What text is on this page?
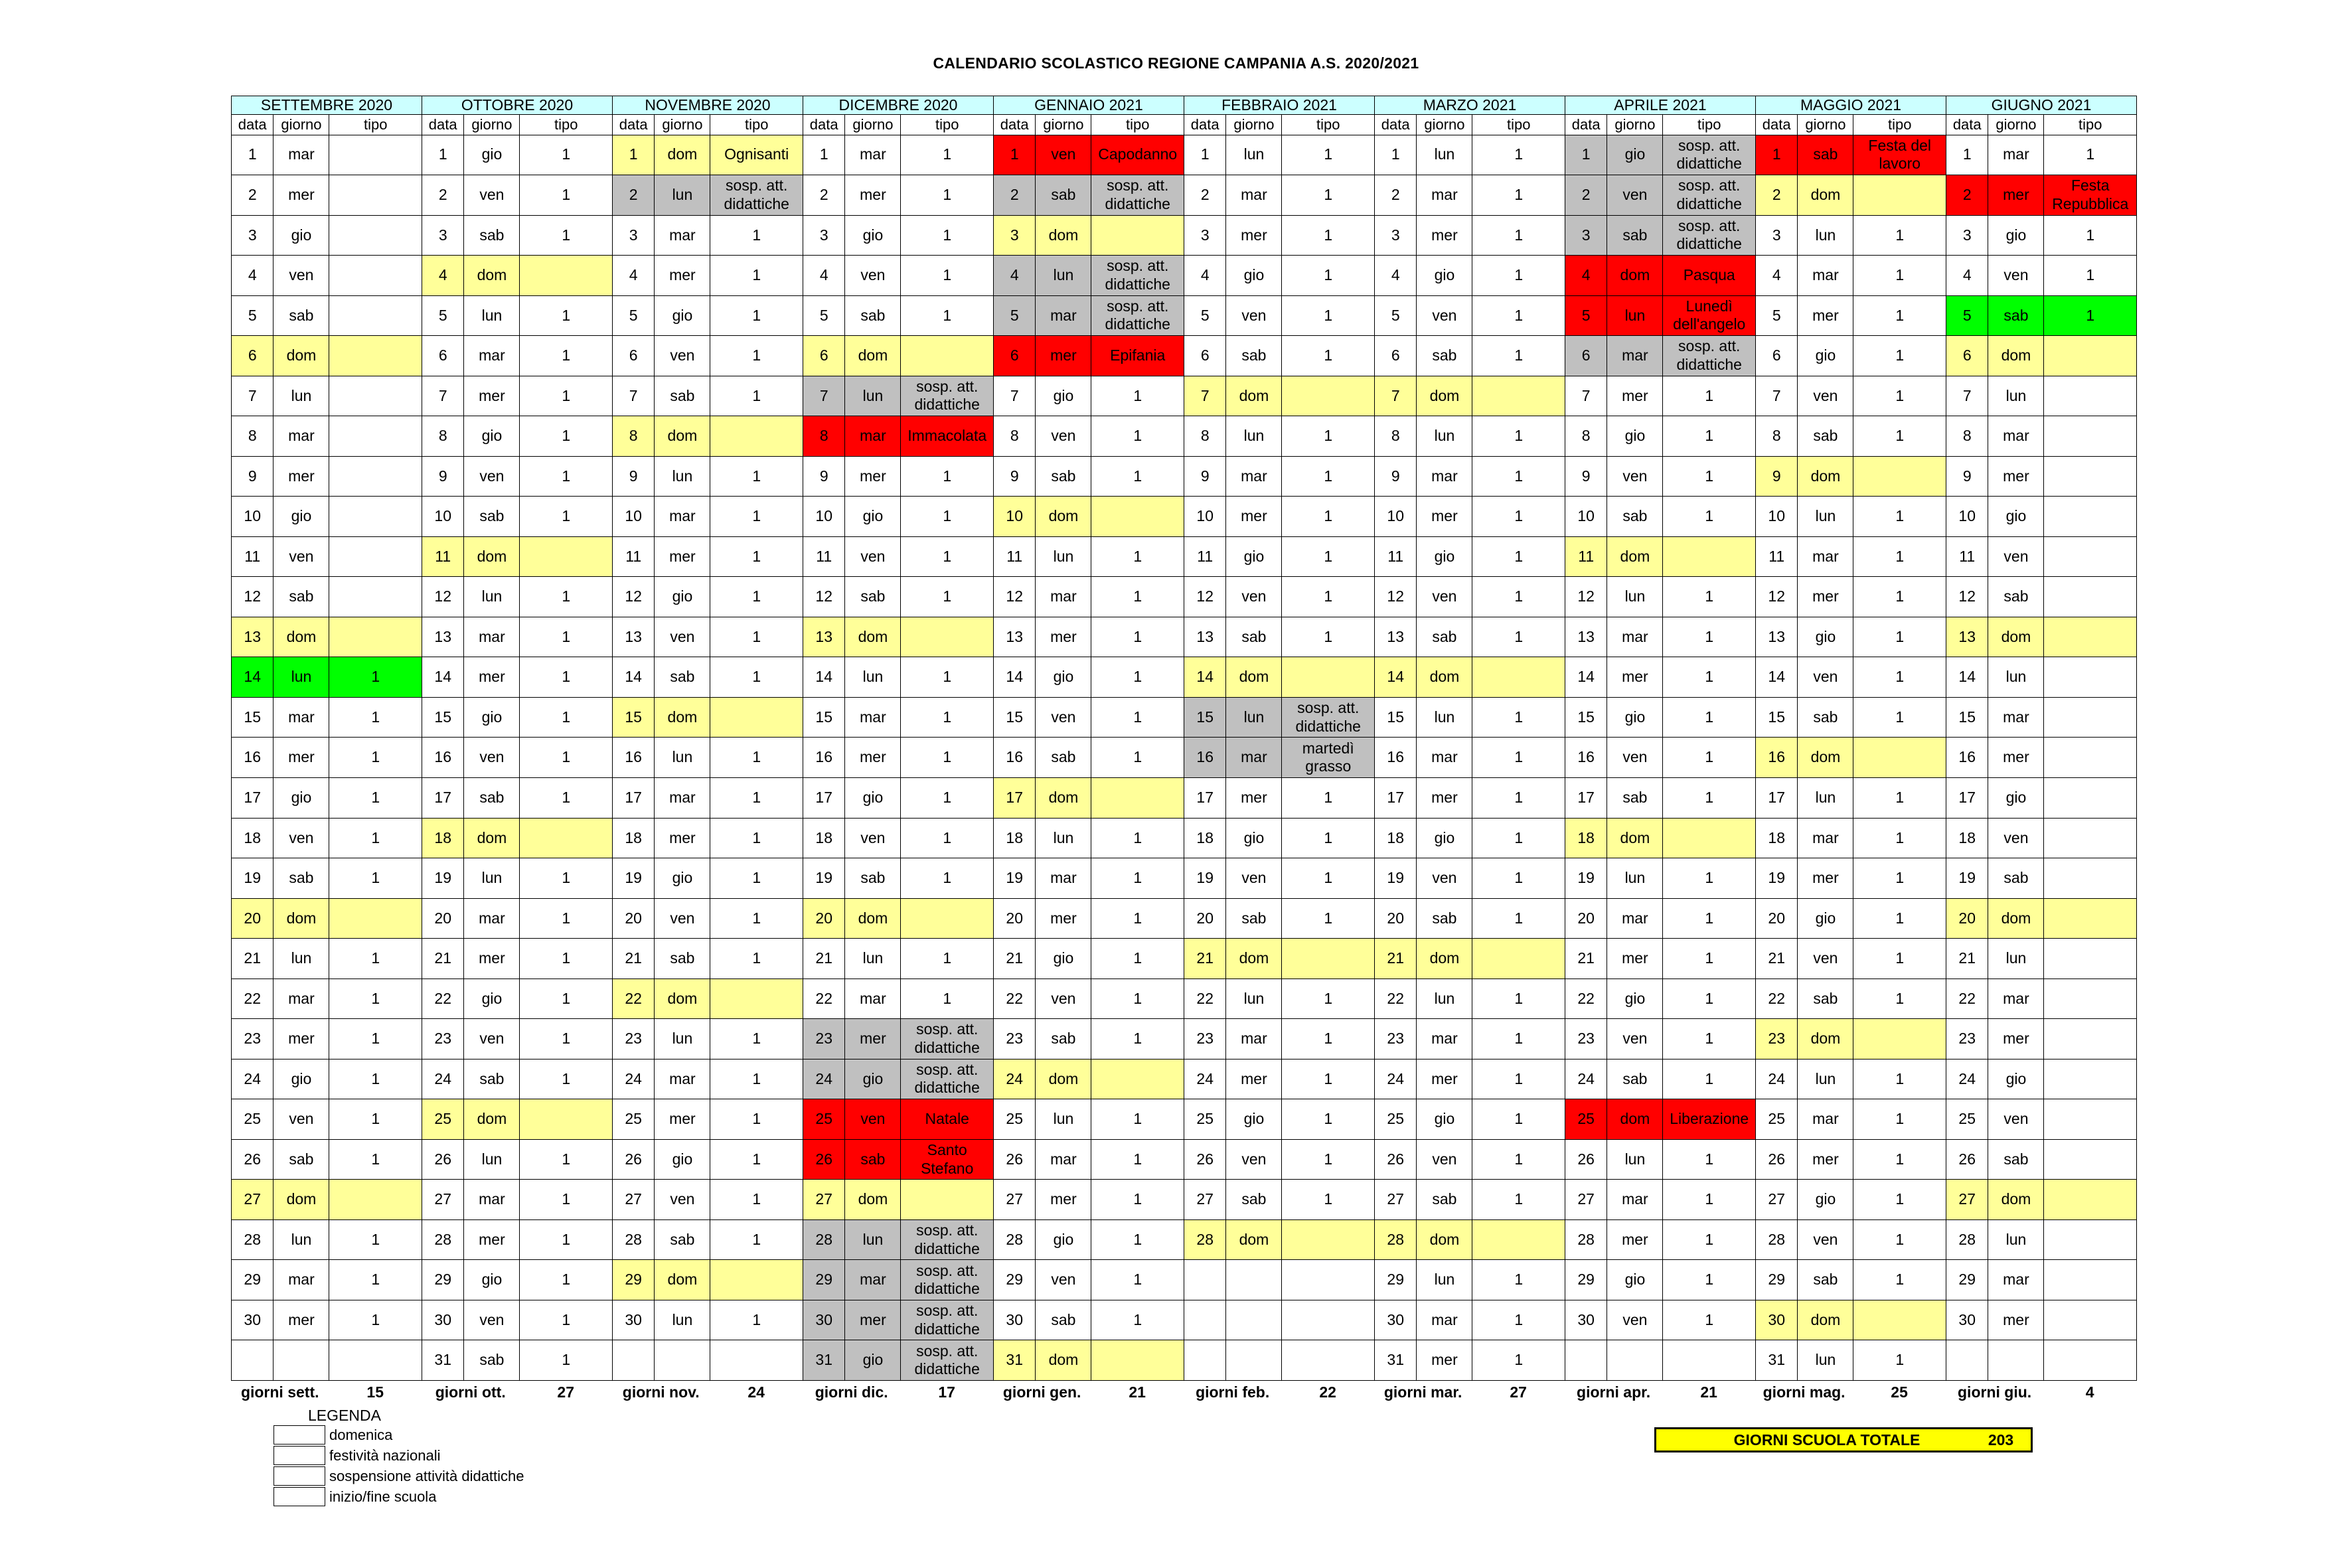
CALENDARIO SCOLASTICO REGIONE CAMPANIA A.S. 2020/2021
SETTEMBRE 2020			OTTOBRE 2020			NOVEMBRE 2020			DICEMBRE 2020			GENNAIO 2021			FEBBRAIO 2021			MARZO 2021			APRILE 2021			MAGGIO 2021			GIUGNO 2021		
data	giorno	tipo	data	giorno	tipo	data	giorno	tipo	data	giorno	tipo	data	giorno	tipo	data	giorno	tipo	data	giorno	tipo	data	giorno	tipo	data	giorno	tipo	data	giorno	tipo
1	mar		1	gio	1	1	dom	Ognisanti	1	mar	1	1	ven	Capodanno	1	lun	1	1	lun	1	1	gio	sosp. att. didattiche	1	sab	Festa del lavoro	1	mar	1
2	mer		2	ven	1	2	lun	sosp. att. didattiche	2	mer	1	2	sab	sosp. att. didattiche	2	mar	1	2	mar	1	2	ven	sosp. att. didattiche	2	dom		2	mer	Festa Repubblica
3	gio		3	sab	1	3	mar	1	3	gio	1	3	dom		3	mer	1	3	mer	1	3	sab	sosp. att. didattiche	3	lun	1	3	gio	1
4	ven		4	dom		4	mer	1	4	ven	1	4	lun	sosp. att. didattiche	4	gio	1	4	gio	1	4	dom	Pasqua	4	mar	1	4	ven	1
5	sab		5	lun	1	5	gio	1	5	sab	1	5	mar	sosp. att. didattiche	5	ven	1	5	ven	1	5	lun	Lunedì dell'angelo	5	mer	1	5	sab	1
6	dom		6	mar	1	6	ven	1	6	dom		6	mer	Epifania	6	sab	1	6	sab	1	6	mar	sosp. att. didattiche	6	gio	1	6	dom	
7	lun		7	mer	1	7	sab	1	7	lun	sosp. att. didattiche	7	gio	1	7	dom		7	dom		7	mer	1	7	ven	1	7	lun	
8	mar		8	gio	1	8	dom		8	mar	Immacolata	8	ven	1	8	lun	1	8	lun	1	8	gio	1	8	sab	1	8	mar	
9	mer		9	ven	1	9	lun	1	9	mer	1	9	sab	1	9	mar	1	9	mar	1	9	ven	1	9	dom		9	mer	
10	gio		10	sab	1	10	mar	1	10	gio	1	10	dom		10	mer	1	10	mer	1	10	sab	1	10	lun	1	10	gio	
11	ven		11	dom		11	mer	1	11	ven	1	11	lun	1	11	gio	1	11	gio	1	11	dom		11	mar	1	11	ven	
12	sab		12	lun	1	12	gio	1	12	sab	1	12	mar	1	12	ven	1	12	ven	1	12	lun	1	12	mer	1	12	sab	
13	dom		13	mar	1	13	ven	1	13	dom		13	mer	1	13	sab	1	13	sab	1	13	mar	1	13	gio	1	13	dom	
14	lun	1	14	mer	1	14	sab	1	14	lun	1	14	gio	1	14	dom		14	dom		14	mer	1	14	ven	1	14	lun	
15	mar	1	15	gio	1	15	dom		15	mar	1	15	ven	1	15	lun	sosp. att. didattiche	15	lun	1	15	gio	1	15	sab	1	15	mar	
16	mer	1	16	ven	1	16	lun	1	16	mer	1	16	sab	1	16	mar	martedì grasso	16	mar	1	16	ven	1	16	dom		16	mer	
17	gio	1	17	sab	1	17	mar	1	17	gio	1	17	dom		17	mer	1	17	mer	1	17	sab	1	17	lun	1	17	gio	
18	ven	1	18	dom		18	mer	1	18	ven	1	18	lun	1	18	gio	1	18	gio	1	18	dom		18	mar	1	18	ven	
19	sab	1	19	lun	1	19	gio	1	19	sab	1	19	mar	1	19	ven	1	19	ven	1	19	lun	1	19	mer	1	19	sab	
20	dom		20	mar	1	20	ven	1	20	dom		20	mer	1	20	sab	1	20	sab	1	20	mar	1	20	gio	1	20	dom	
21	lun	1	21	mer	1	21	sab	1	21	lun	1	21	gio	1	21	dom		21	dom		21	mer	1	21	ven	1	21	lun	
22	mar	1	22	gio	1	22	dom		22	mar	1	22	ven	1	22	lun	1	22	lun	1	22	gio	1	22	sab	1	22	mar	
23	mer	1	23	ven	1	23	lun	1	23	mer	sosp. att. didattiche	23	sab	1	23	mar	1	23	mar	1	23	ven	1	23	dom		23	mer	
24	gio	1	24	sab	1	24	mar	1	24	gio	sosp. att. didattiche	24	dom		24	mer	1	24	mer	1	24	sab	1	24	lun	1	24	gio	
25	ven	1	25	dom		25	mer	1	25	ven	Natale	25	lun	1	25	gio	1	25	gio	1	25	dom	Liberazione	25	mar	1	25	ven	
26	sab	1	26	lun	1	26	gio	1	26	sab	Santo Stefano	26	mar	1	26	ven	1	26	ven	1	26	lun	1	26	mer	1	26	sab	
27	dom		27	mar	1	27	ven	1	27	dom		27	mer	1	27	sab	1	27	sab	1	27	mar	1	27	gio	1	27	dom	
28	lun	1	28	mer	1	28	sab	1	28	lun	sosp. att. didattiche	28	gio	1	28	dom		28	dom		28	mer	1	28	ven	1	28	lun	
29	mar	1	29	gio	1	29	dom		29	mar	sosp. att. didattiche	29	ven	1				29	lun	1	29	gio	1	29	sab	1	29	mar	
30	mer	1	30	ven	1	30	lun	1	30	mer	sosp. att. didattiche	30	sab	1				30	mar	1	30	ven	1	30	dom		30	mer	
			31	sab	1				31	gio	sosp. att. didattiche	31	dom					31	mer	1				31	lun	1			
giorni sett.	15	giorni ott.	27	giorni nov.	24	giorni dic.	17	giorni gen.	21	giorni feb.	22	giorni mar.	27	giorni apr.	21	giorni mag.	25	giorni giu.	4
LEGENDA
domenica
festività nazionali
sospensione attività didattiche
inizio/fine scuola
GIORNI SCUOLA TOTALE	203
